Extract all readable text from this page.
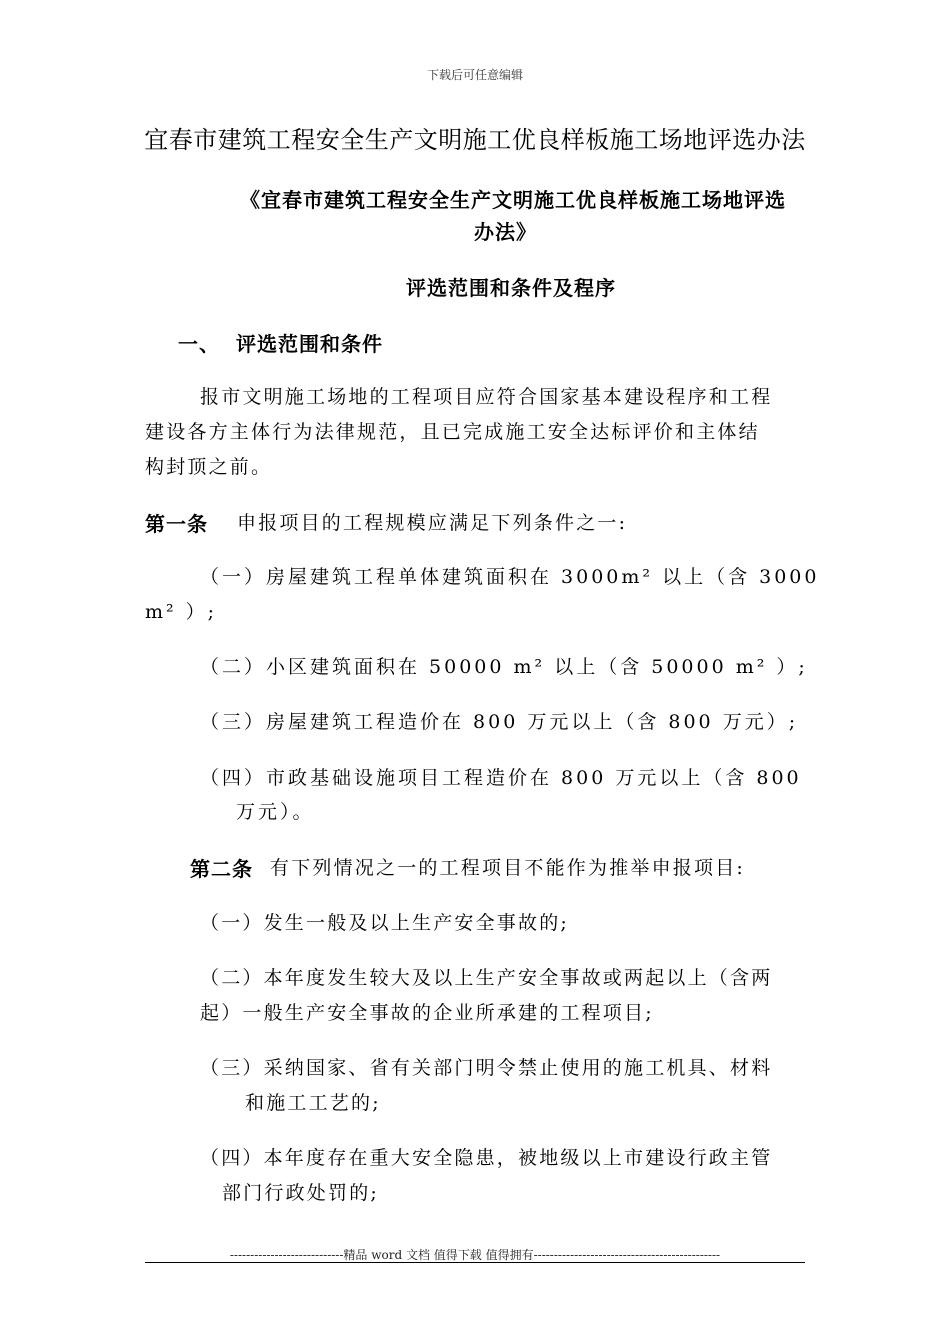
下载后可任意编辑
宜春市建筑工程安全生产文明施工优良样板施工场地评选办法
《宜春市建筑工程安全生产文明施工优良样板施工场地评选
办法》
评选范围和条件及程序
一、 评选范围和条件
报市文明施工场地的工程项目应符合国家基本建设程序和工程
建设各方主体行为法律规范，且已完成施工安全达标评价和主体结
构封顶之前。
第一条 申报项目的工程规模应满足下列条件之一:
（一）房屋建筑工程单体建筑面积在 3000m² 以上（含 3000
m² ）;
（二）小区建筑面积在 50000 m² 以上（含 50000 m² ）;
（三）房屋建筑工程造价在 800 万元以上（含 800 万元）;
（四）市政基础设施项目工程造价在 800 万元以上（含 800
万元）。
第二条 有下列情况之一的工程项目不能作为推举申报项目:
（一）发生一般及以上生产安全事故的;
（二）本年度发生较大及以上生产安全事故或两起以上（含两
起）一般生产安全事故的企业所承建的工程项目;
（三）采纳国家、省有关部门明令禁止使用的施工机具、材料
和施工工艺的;
（四）本年度存在重大安全隐患，被地级以上市建设行政主管
部门行政处罚的;
----------------------------精品 word 文档 值得下载 值得拥有----------------------------------------------
